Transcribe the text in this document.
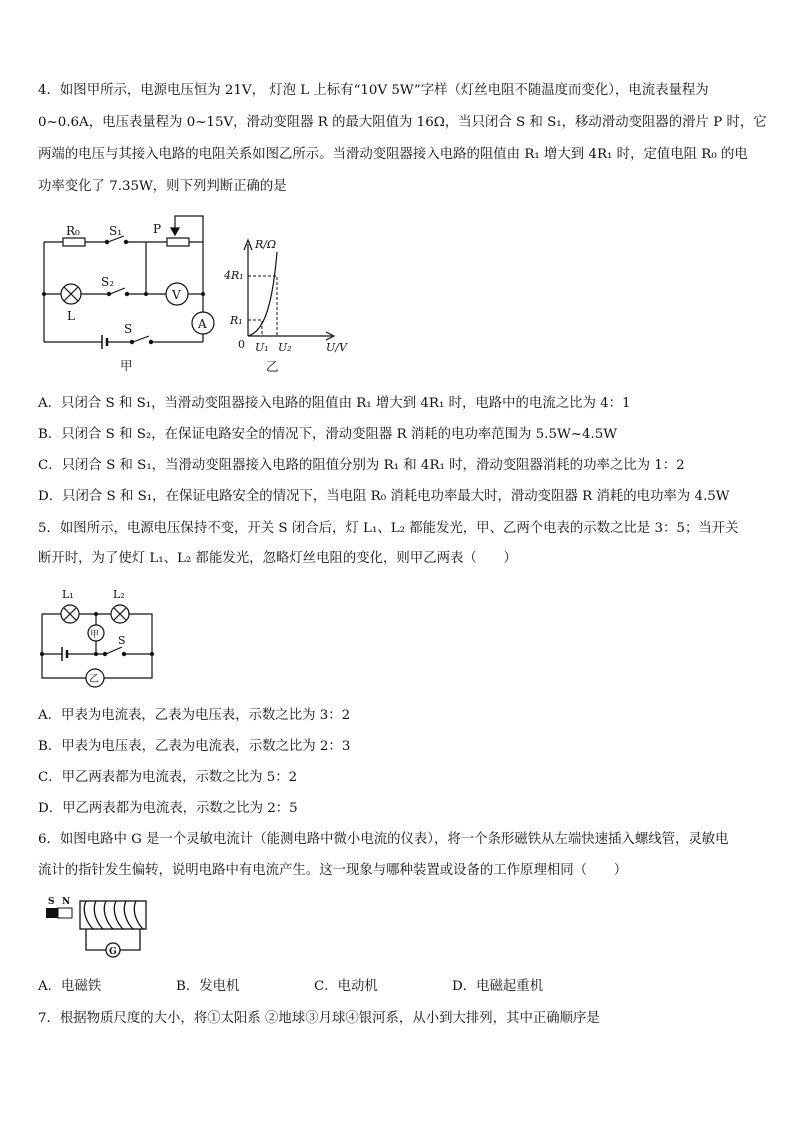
4．如图甲所示，电源电压恒为 21V， 灯泡 L 上标有“10V 5W”字样（灯丝电阻不随温度而变化），电流表量程为
0~0.6A，电压表量程为 0~15V，滑动变阻器 R 的最大阻值为 16Ω，当只闭合 S 和 S₁，移动滑动变阻器的滑片 P 时，它
两端的电压与其接入电路的电阻关系如图乙所示。当滑动变阻器接入电路的阻值由 R₁ 增大到 4R₁ 时，定值电阻 R₀ 的电
功率变化了 7.35W，则下列判断正确的是
R₀ S₁	P
S₂
V
L
A
S
甲
R/Ω
4R₁
R₁
0 U₁ U₂	U/V
乙
A．只闭合 S 和 S₁，当滑动变阻器接入电路的阻值由 R₁ 增大到 4R₁ 时，电路中的电流之比为 4：1
B．只闭合 S 和 S₂，在保证电路安全的情况下，滑动变阻器 R 消耗的电功率范围为 5.5W~4.5W
C．只闭合 S 和 S₁，当滑动变阻器接入电路的阻值分别为 R₁ 和 4R₁ 时，滑动变阻器消耗的功率之比为 1：2
D．只闭合 S 和 S₁，在保证电路安全的情况下，当电阻 R₀ 消耗电功率最大时，滑动变阻器 R 消耗的电功率为 4.5W
5．如图所示，电源电压保持不变，开关 S 闭合后，灯 L₁、L₂ 都能发光，甲、乙两个电表的示数之比是 3：5；当开关
断开时，为了使灯 L₁、L₂ 都能发光，忽略灯丝电阻的变化，则甲乙两表（　　）
L₁	L₂
甲 S
乙
A．甲表为电流表，乙表为电压表，示数之比为 3：2
B．甲表为电压表，乙表为电流表，示数之比为 2：3
C．甲乙两表都为电流表，示数之比为 5：2
D．甲乙两表都为电流表，示数之比为 2：5
6．如图电路中 G 是一个灵敏电流计（能测电路中微小电流的仪表），将一个条形磁铁从左端快速插入螺线管，灵敏电
流计的指针发生偏转，说明电路中有电流产生。这一现象与哪种装置或设备的工作原理相同（　　）
S N
G
A．电磁铁	B．发电机	C．电动机	D．电磁起重机
7．根据物质尺度的大小，将①太阳系 ②地球③月球④银河系，从小到大排列，其中正确顺序是
